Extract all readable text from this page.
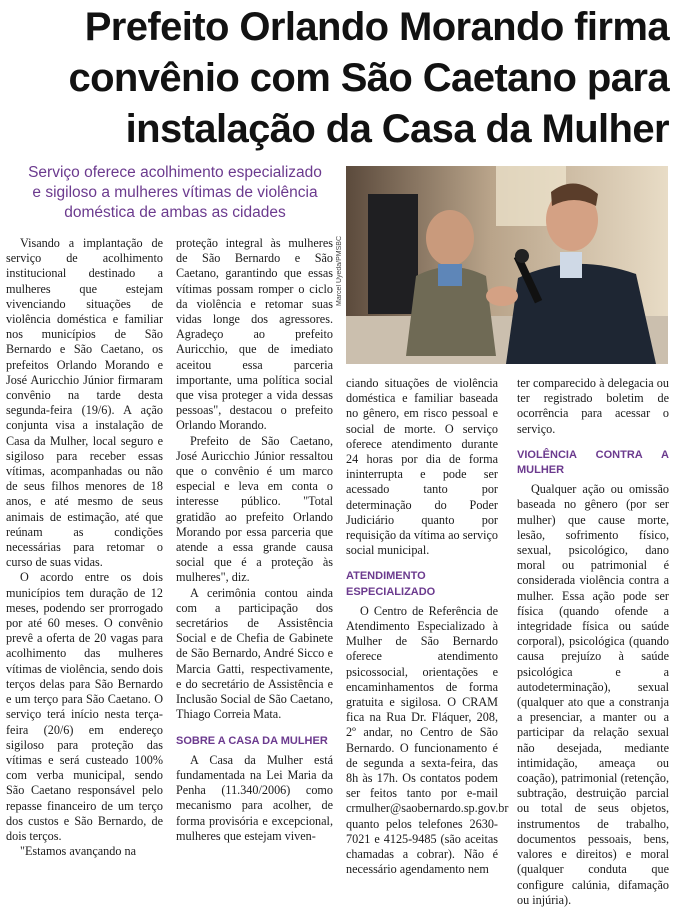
Prefeito Orlando Morando firma
convênio com São Caetano para
instalação da Casa da Mulher
Serviço oferece acolhimento especializado
e sigiloso a mulheres vítimas de violência
doméstica de ambas as cidades
Marcel Uyeda/PMSBC

Visando a implantação de serviço de acolhimento institucional destinado a mulheres que estejam vivenciando situações de violência doméstica e familiar nos municípios de São Bernardo e São Caetano, os prefeitos Orlando Morando e José Auricchio Júnior firmaram convênio na tarde desta segunda-feira (19/6). A ação conjunta visa a instalação de Casa da Mulher, local seguro e sigiloso para receber essas vítimas, acompanhadas ou não de seus filhos menores de 18 anos, e até mesmo de seus animais de estimação, até que reúnam as condições necessárias para retomar o curso de suas vidas.

O acordo entre os dois municípios tem duração de 12 meses, podendo ser prorrogado por até 60 meses. O convênio prevê a oferta de 20 vagas para acolhimento das mulheres vítimas de violência, sendo dois terços delas para São Bernardo e um terço para São Caetano. O serviço terá início nesta terça-feira (20/6) em endereço sigiloso para proteção das vítimas e será custeado 100% com verba municipal, sendo São Caetano responsável pelo repasse financeiro de um terço dos custos e São Bernardo, de dois terços.

"Estamos avançando na

proteção integral às mulheres de São Bernardo e São Caetano, garantindo que essas vítimas possam romper o ciclo da violência e retomar suas vidas longe dos agressores. Agradeço ao prefeito Auricchio, que de imediato aceitou essa parceria importante, uma política social que visa proteger a vida dessas pessoas", destacou o prefeito Orlando Morando.

Prefeito de São Caetano, José Auricchio Júnior ressaltou que o convênio é um marco especial e leva em conta o interesse público. "Total gratidão ao prefeito Orlando Morando por essa parceria que atende a essa grande causa social que é a proteção às mulheres", diz.

A cerimônia contou ainda com a participação dos secretários de Assistência Social e de Chefia de Gabinete de São Bernardo, André Sicco e Marcia Gatti, respectivamente, e do secretário de Assistência e Inclusão Social de São Caetano, Thiago Correia Mata.

SOBRE A CASA DA MULHER

A Casa da Mulher está fundamentada na Lei Maria da Penha (11.340/2006) como mecanismo para acolher, de forma provisória e excepcional, mulheres que estejam viven-

ciando situações de violência doméstica e familiar baseada no gênero, em risco pessoal e social de morte. O serviço oferece atendimento durante 24 horas por dia de forma ininterrupta e pode ser acessado tanto por determinação do Poder Judiciário quanto por requisição da vítima ao serviço social municipal.

ATENDIMENTO ESPECIALIZADO

O Centro de Referência de Atendimento Especializado à Mulher de São Bernardo oferece atendimento psicossocial, orientações e encaminhamentos de forma gratuita e sigilosa. O CRAM fica na Rua Dr. Fláquer, 208, 2º andar, no Centro de São Bernardo. O funcionamento é de segunda a sexta-feira, das 8h às 17h. Os contatos podem ser feitos tanto por e-mail crmulher@saobernardo.sp.gov.br quanto pelos telefones 2630-7021 e 4125-9485 (são aceitas chamadas a cobrar). Não é necessário agendamento nem

ter comparecido à delegacia ou ter registrado boletim de ocorrência para acessar o serviço.

VIOLÊNCIA CONTRA A MULHER

Qualquer ação ou omissão baseada no gênero (por ser mulher) que cause morte, lesão, sofrimento físico, sexual, psicológico, dano moral ou patrimonial é considerada violência contra a mulher. Essa ação pode ser física (quando ofende a integridade física ou saúde corporal), psicológica (quando causa prejuízo à saúde psicológica e a autodeterminação), sexual (qualquer ato que a constranja a presenciar, a manter ou a participar da relação sexual não desejada, mediante intimidação, ameaça ou coação), patrimonial (retenção, subtração, destruição parcial ou total de seus objetos, instrumentos de trabalho, documentos pessoais, bens, valores e direitos) e moral (qualquer conduta que configure calúnia, difamação ou injúria).
